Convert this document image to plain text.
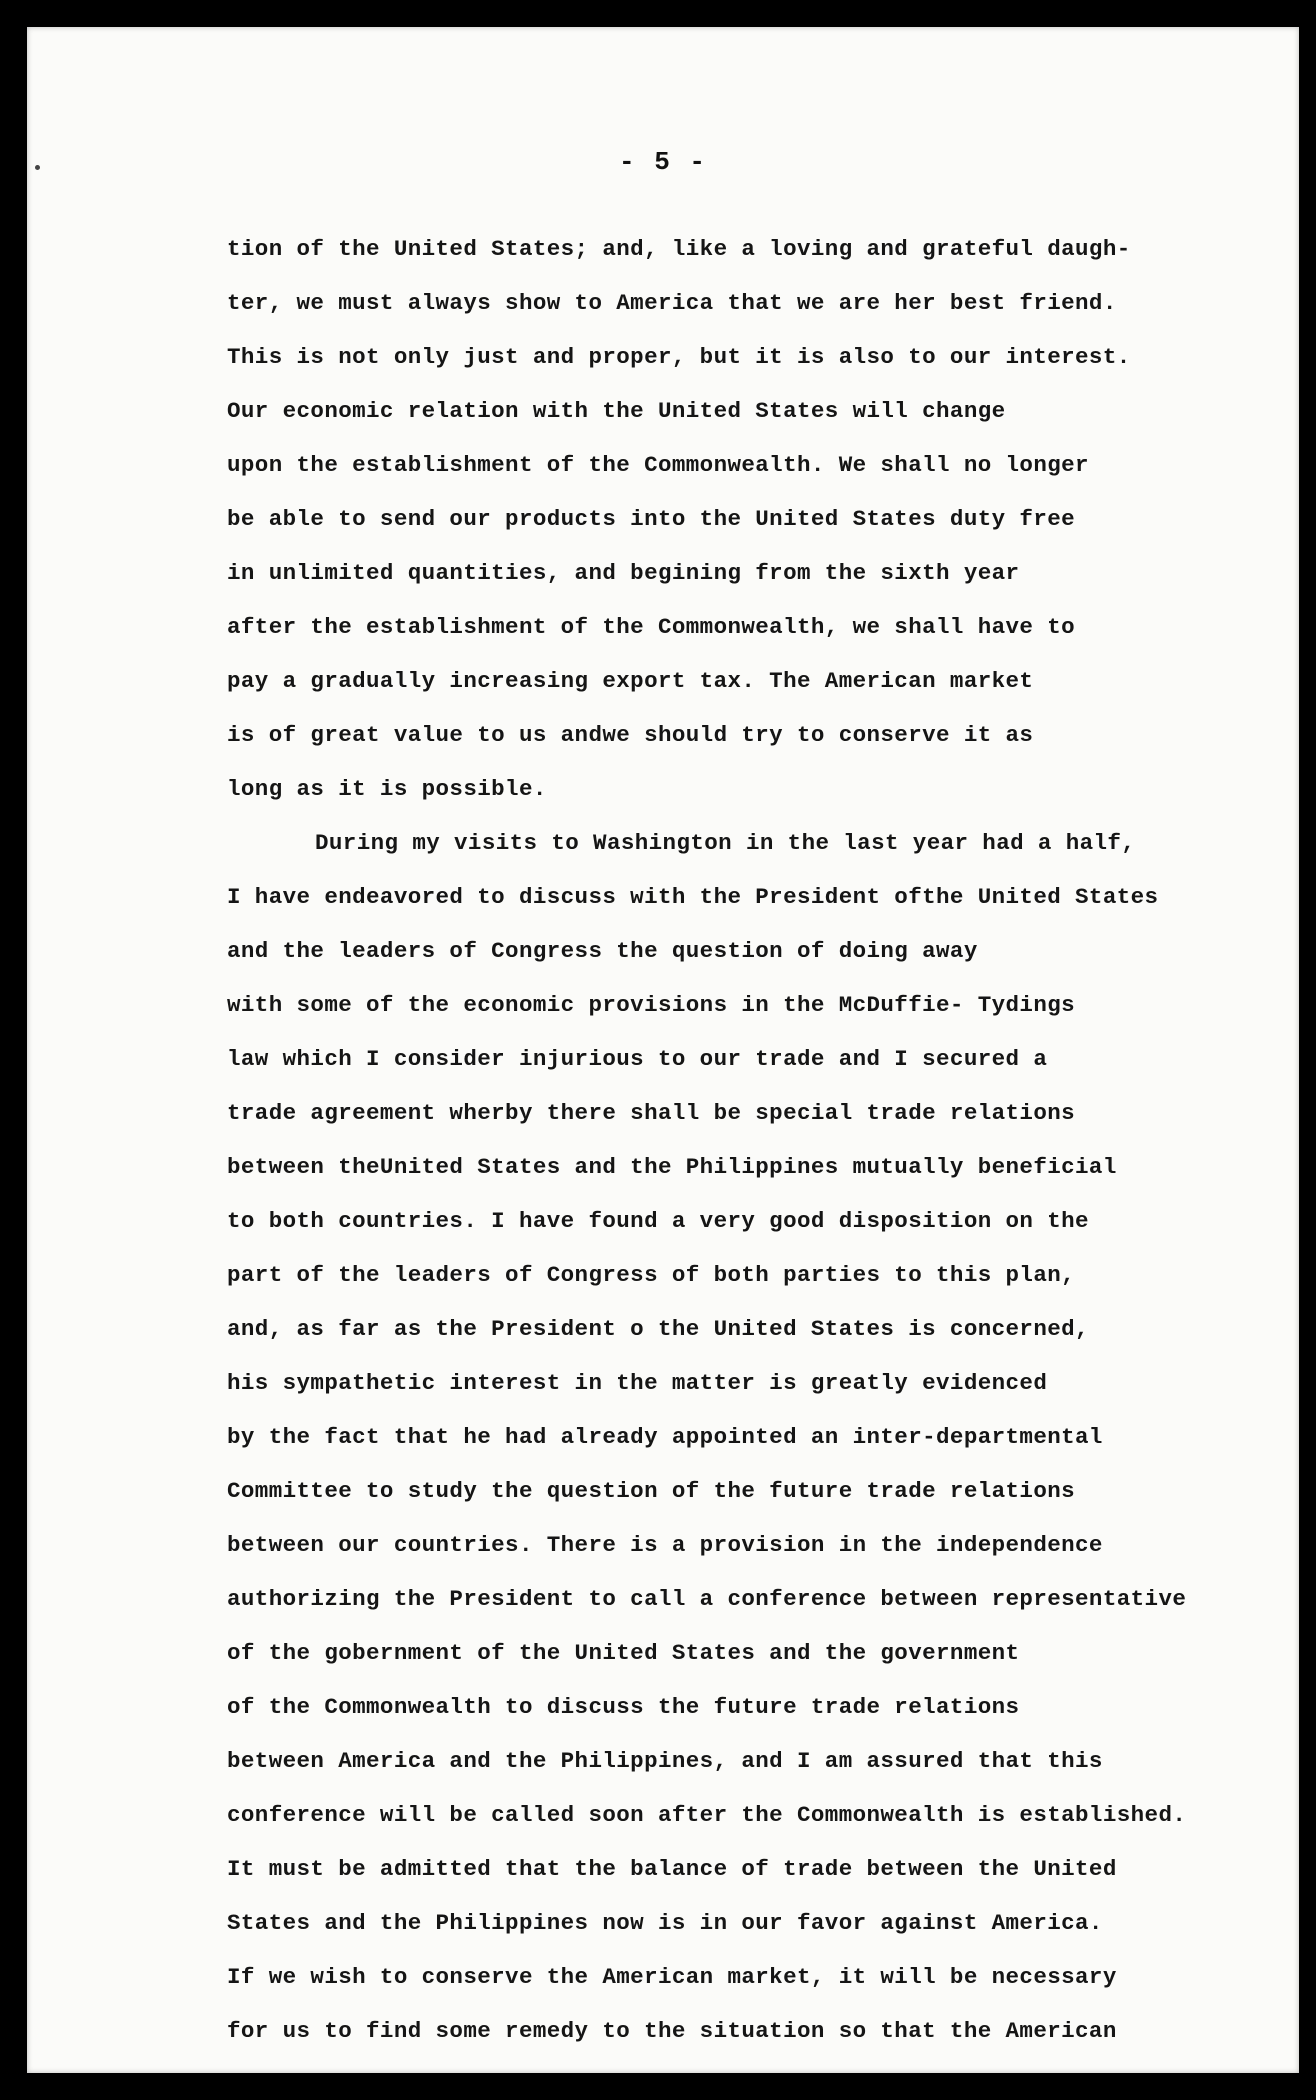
- 5 -
tion of the United States; and, like a loving and grateful daugh-
ter, we must always show to America that we are her best friend.
This is not only just and proper, but it is also to our interest.
Our economic relation with the United States will change
upon the establishment of the Commonwealth. We shall no longer
be able to send our products into the United States duty free
in unlimited quantities, and begining from the sixth year
after the establishment of the Commonwealth, we shall have to
pay a gradually increasing export tax. The American market
is of great value to us andwe should try to conserve it as
long as it is possible.
During my visits to Washington in the last year had a half,
I have endeavored to discuss with the President ofthe United States
and the leaders of Congress the question of doing away
with some of the economic provisions in the McDuffie- Tydings
law which I consider injurious to our trade and I secured a
trade agreement wherby there shall be special trade relations
between theUnited States and the Philippines mutually beneficial
to both countries. I have found a very good disposition on the
part of the leaders of Congress of both parties to this plan,
and, as far as the President o the United States is concerned,
his sympathetic interest in the matter is greatly evidenced
by the fact that he had already appointed an inter-departmental
Committee to study the question of the future trade relations
between our countries. There is a provision in the independence
authorizing the President to call a conference between representative
of the gobernment of the United States and the government
of the Commonwealth to discuss the future trade relations
between America and the Philippines, and I am assured that this
conference will be called soon after the Commonwealth is established.
It must be admitted that the balance of trade between the United
States and the Philippines now is in our favor against America.
If we wish to conserve the American market, it will be necessary
for us to find some remedy to the situation so that the American
